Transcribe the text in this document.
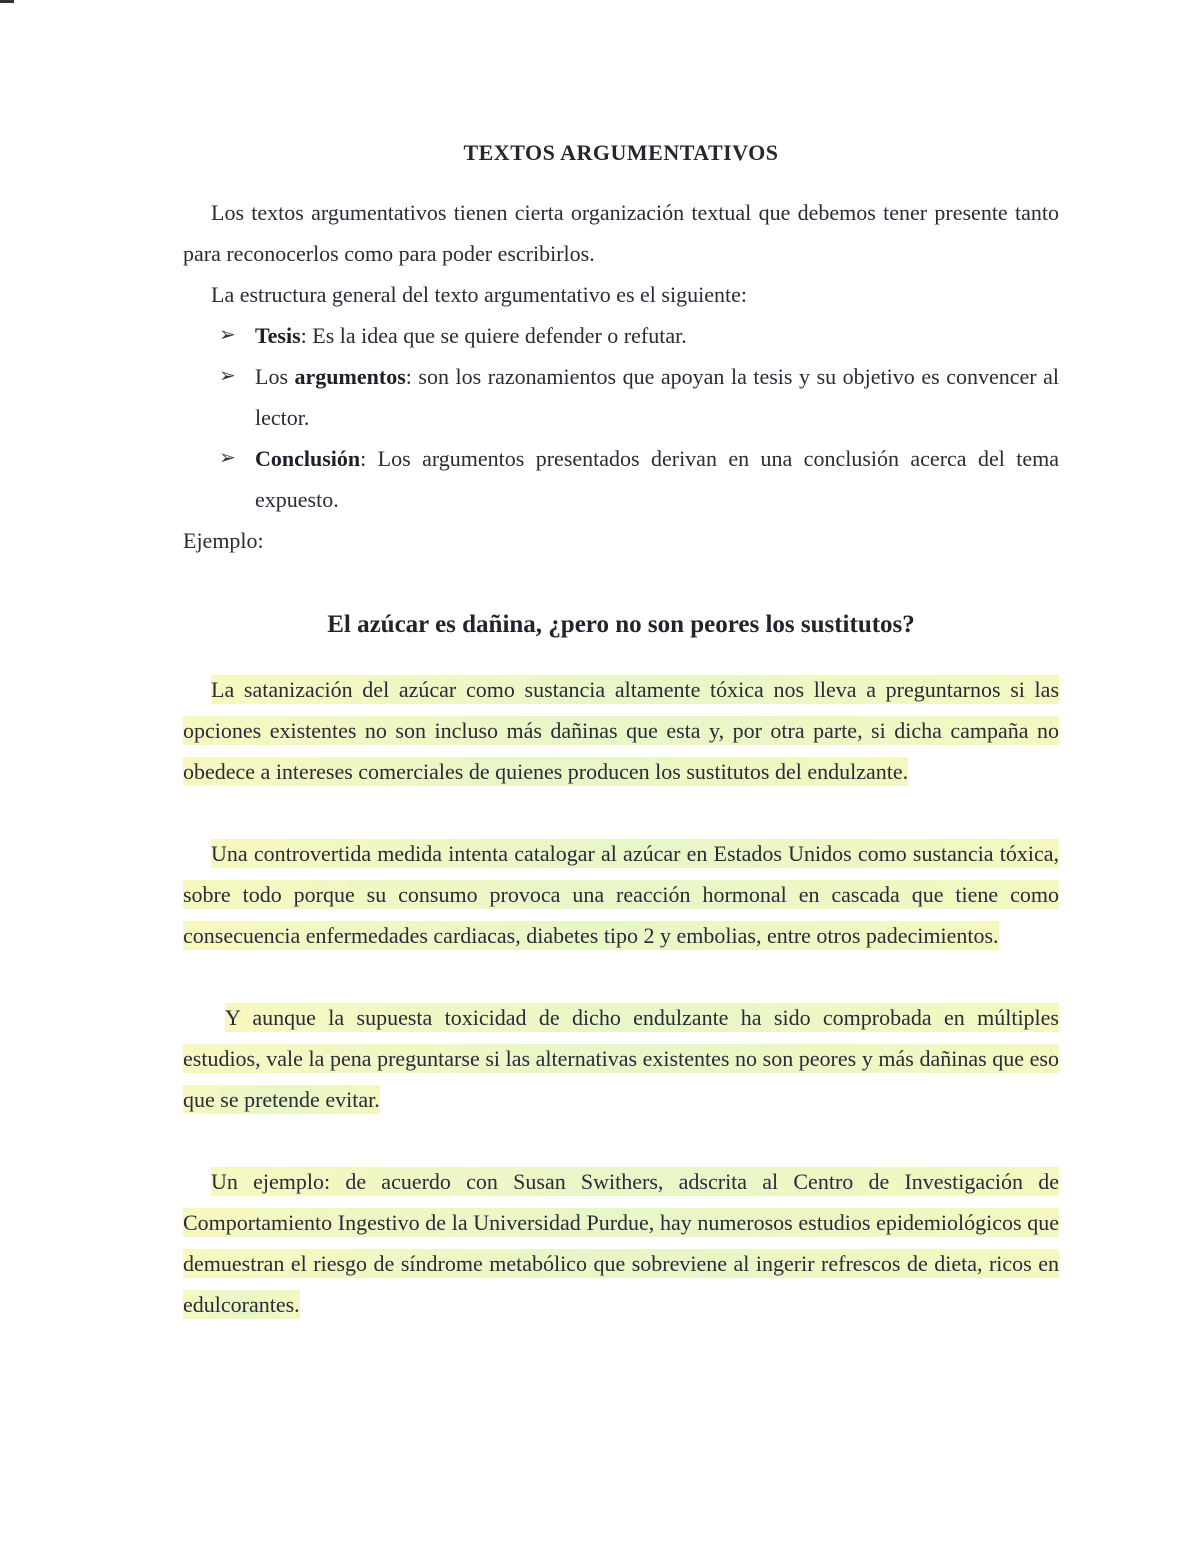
TEXTOS ARGUMENTATIVOS

Los textos argumentativos tienen cierta organización textual que debemos tener presente tanto para reconocerlos como para poder escribirlos.

La estructura general del texto argumentativo es el siguiente:

➢ Tesis: Es la idea que se quiere defender o refutar.
➢ Los argumentos: son los razonamientos que apoyan la tesis y su objetivo es convencer al lector.
➢ Conclusión: Los argumentos presentados derivan en una conclusión acerca del tema expuesto.

Ejemplo:

El azúcar es dañina, ¿pero no son peores los sustitutos?

La satanización del azúcar como sustancia altamente tóxica nos lleva a preguntarnos si las opciones existentes no son incluso más dañinas que esta y, por otra parte, si dicha campaña no obedece a intereses comerciales de quienes producen los sustitutos del endulzante.

Una controvertida medida intenta catalogar al azúcar en Estados Unidos como sustancia tóxica, sobre todo porque su consumo provoca una reacción hormonal en cascada que tiene como consecuencia enfermedades cardiacas, diabetes tipo 2 y embolias, entre otros padecimientos.

Y aunque la supuesta toxicidad de dicho endulzante ha sido comprobada en múltiples estudios, vale la pena preguntarse si las alternativas existentes no son peores y más dañinas que eso que se pretende evitar.

Un ejemplo: de acuerdo con Susan Swithers, adscrita al Centro de Investigación de Comportamiento Ingestivo de la Universidad Purdue, hay numerosos estudios epidemiológicos que demuestran el riesgo de síndrome metabólico que sobreviene al ingerir refrescos de dieta, ricos en edulcorantes.
